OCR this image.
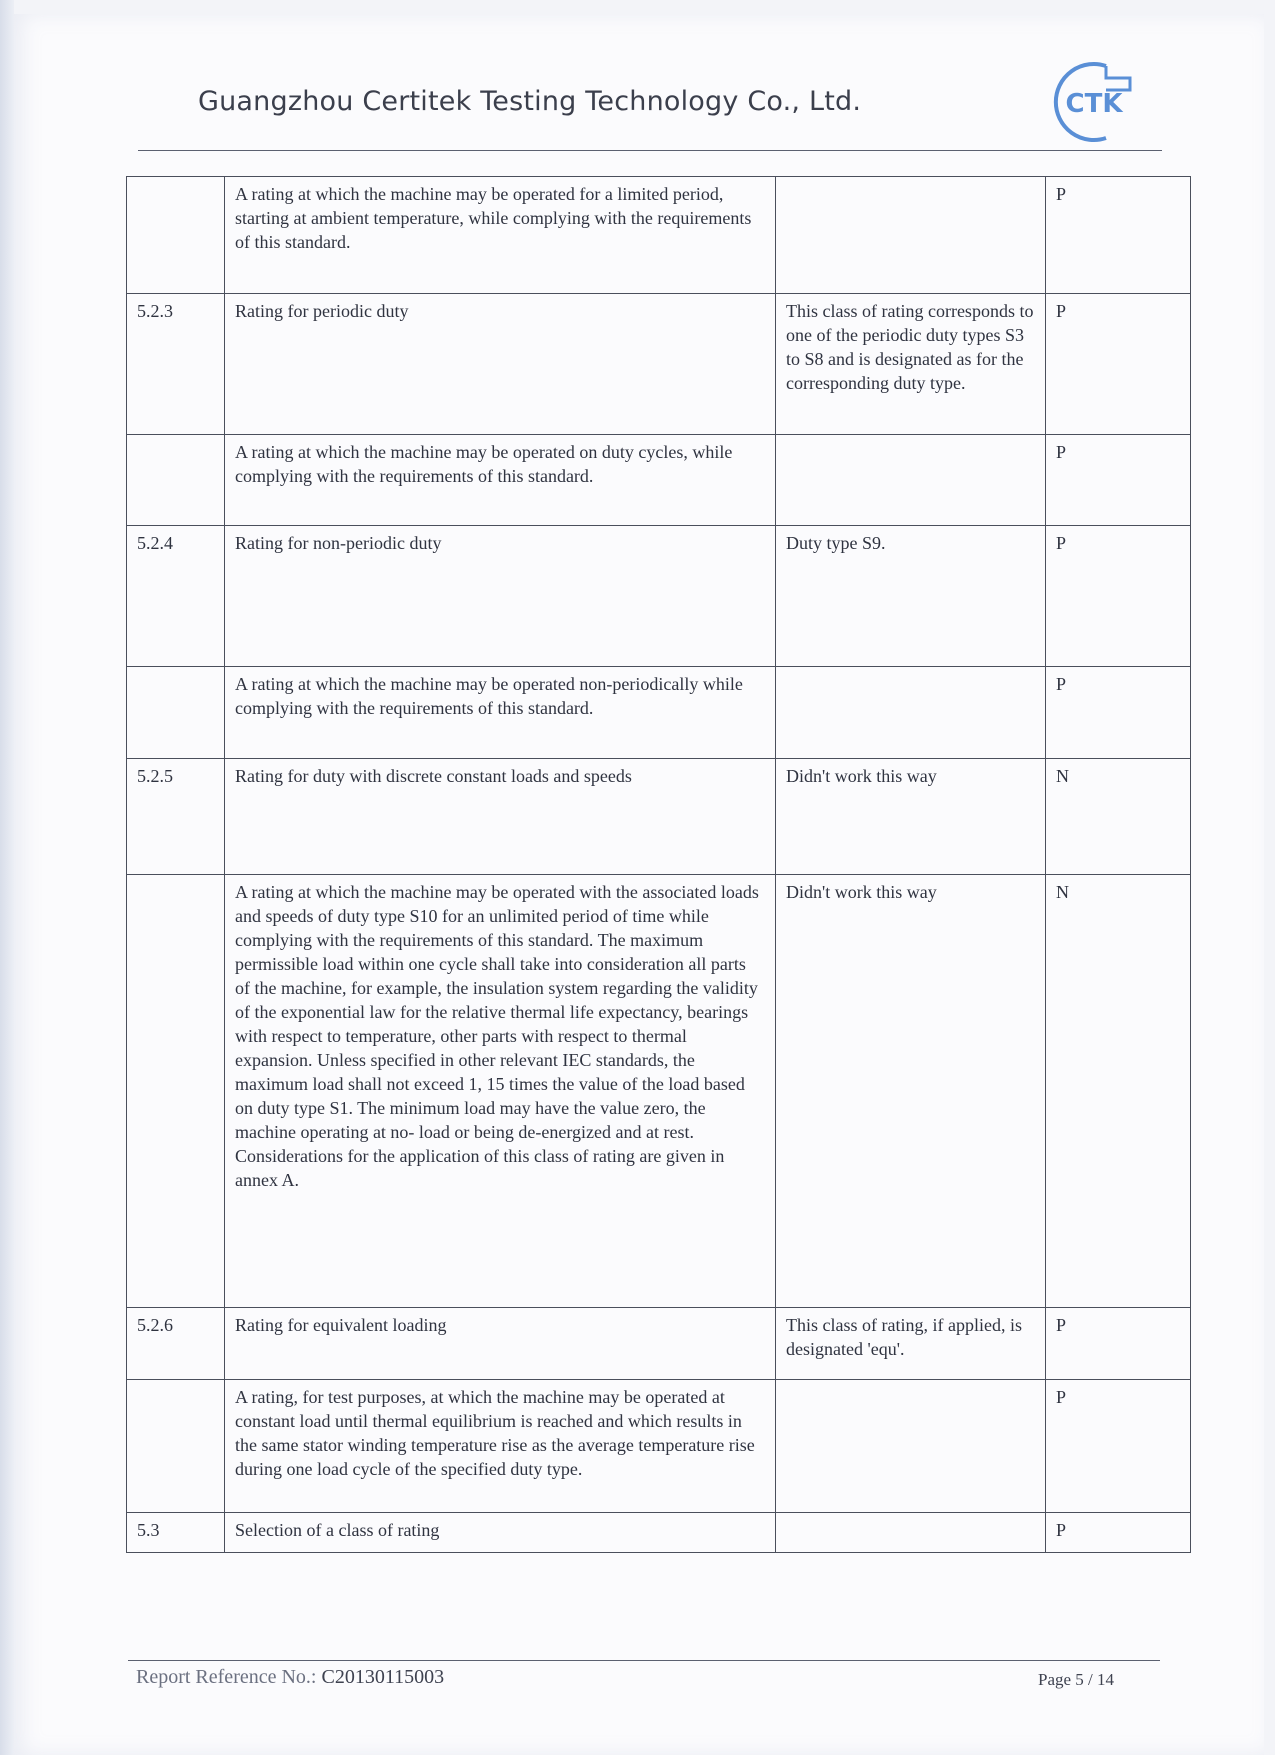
Guangzhou Certitek Testing Technology Co., Ltd.	CTK
	A rating at which the machine may be operated for a limited period, starting at ambient temperature, while complying with the requirements of this standard.		P
5.2.3	Rating for periodic duty	This class of rating corresponds to one of the periodic duty types S3 to S8 and is designated as for the corresponding duty type.	P
	A rating at which the machine may be operated on duty cycles, while complying with the requirements of this standard.		P
5.2.4	Rating for non-periodic duty	Duty type S9.	P
	A rating at which the machine may be operated non-periodically while complying with the requirements of this standard.		P
5.2.5	Rating for duty with discrete constant loads and speeds	Didn't work this way	N
	A rating at which the machine may be operated with the associated loads and speeds of duty type S10 for an unlimited period of time while complying with the requirements of this standard. The maximum permissible load within one cycle shall take into consideration all parts of the machine, for example, the insulation system regarding the validity of the exponential law for the relative thermal life expectancy, bearings with respect to temperature, other parts with respect to thermal expansion. Unless specified in other relevant IEC standards, the maximum load shall not exceed 1, 15 times the value of the load based on duty type S1. The minimum load may have the value zero, the machine operating at no- load or being de-energized and at rest. Considerations for the application of this class of rating are given in annex A.	Didn't work this way	N
5.2.6	Rating for equivalent loading	This class of rating, if applied, is designated 'equ'.	P
	A rating, for test purposes, at which the machine may be operated at constant load until thermal equilibrium is reached and which results in the same stator winding temperature rise as the average temperature rise during one load cycle of the specified duty type.		P
5.3	Selection of a class of rating		P
Report Reference No.: C20130115003	Page 5 / 14
